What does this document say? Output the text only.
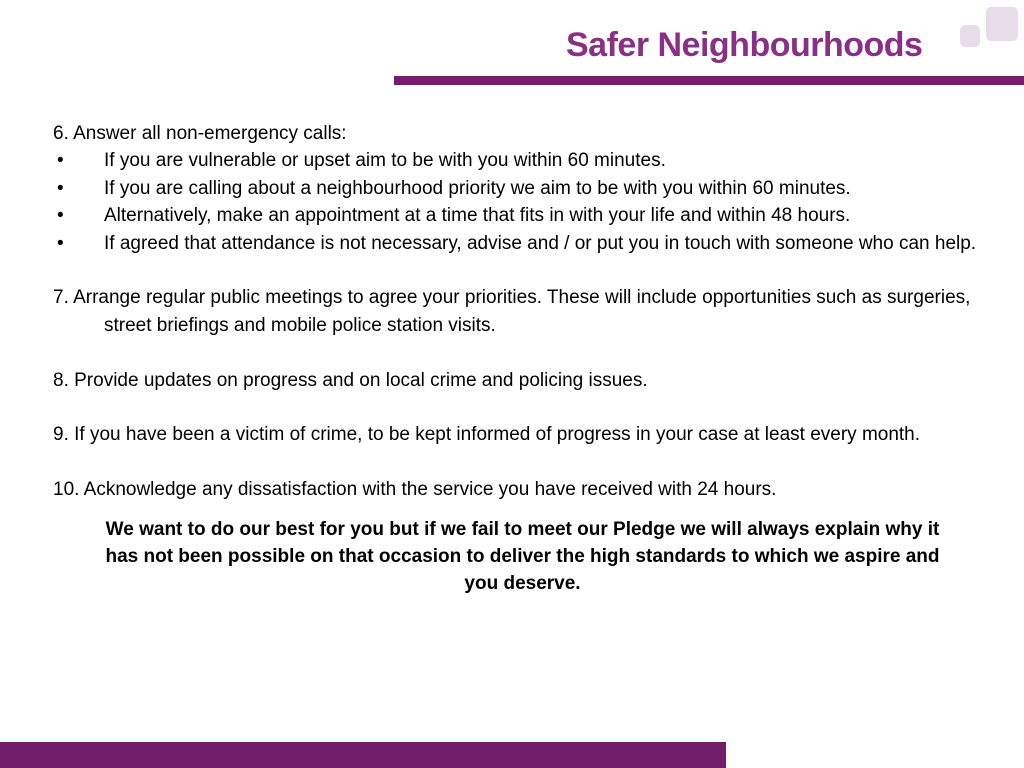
Safer Neighbourhoods

6. Answer all non-emergency calls:

•	If you are vulnerable or upset aim to be with you within 60 minutes.
•	If you are calling about a neighbourhood priority we aim to be with you within 60 minutes.
•	Alternatively, make an appointment at a time that fits in with your life and within 48 hours.
•	If agreed that attendance is not necessary, advise and / or put you in touch with someone who can help.

7. Arrange regular public meetings to agree your priorities. These will include opportunities such as surgeries, street briefings and mobile police station visits.

8. Provide updates on progress and on local crime and policing issues.

9. If you have been a victim of crime, to be kept informed of progress in your case at least every month.

10. Acknowledge any dissatisfaction with the service you have received with 24 hours.

We want to do our best for you but if we fail to meet our Pledge we will always explain why it has not been possible on that occasion to deliver the high standards to which we aspire and you deserve.
